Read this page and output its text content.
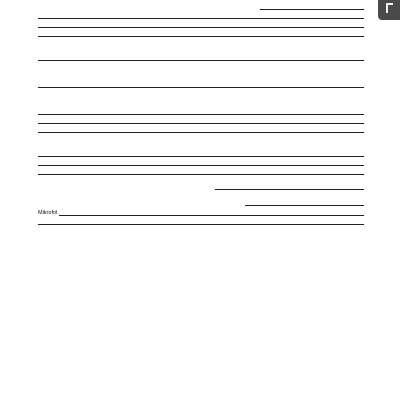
Mikrofol
